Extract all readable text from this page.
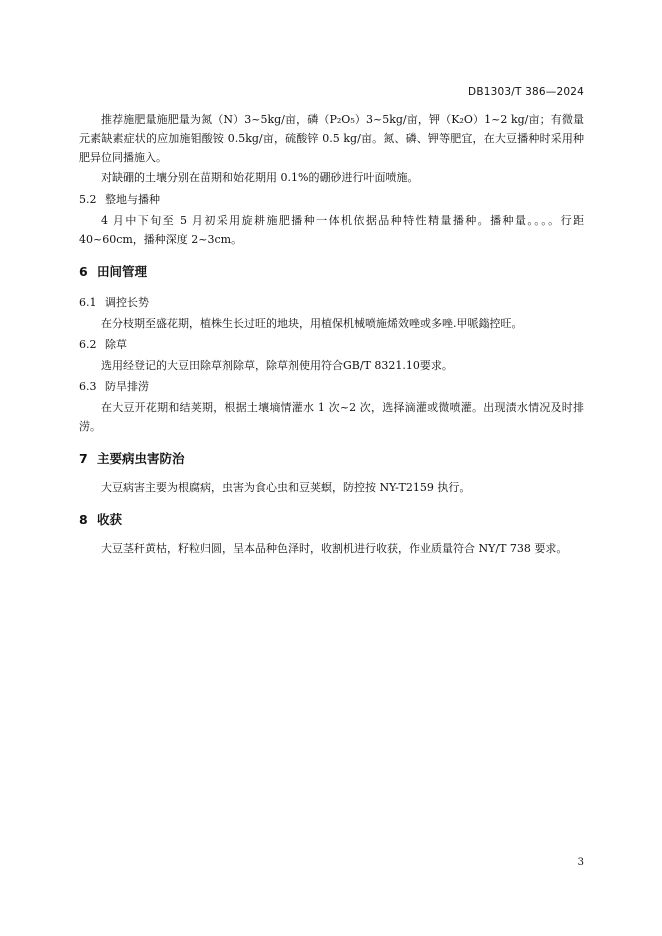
DB1303/T 386—2024

推荐施肥量施肥量为氮（N）3~5kg/亩，磷（P₂O₅）3~5kg/亩，钾（K₂O）1~2 kg/亩；有微量元素缺素症状的应加施钼酸铵 0.5kg/亩，硫酸锌 0.5 kg/亩。氮、磷、钾等肥宜，在大豆播种时采用种肥异位同播施入。

对缺硼的土壤分别在苗期和始花期用 0.1%的硼砂进行叶面喷施。

5.2 整地与播种

4 月中下旬至 5 月初采用旋耕施肥播种一体机依据品种特性精量播种。播种量。。。。行距 40~60cm，播种深度 2~3cm。

6 田间管理

6.1 调控长势

在分枝期至盛花期，植株生长过旺的地块，用植保机械喷施烯效唑或多唑.甲哌鎓控旺。

6.2 除草

选用经登记的大豆田除草剂除草，除草剂使用符合GB/T 8321.10要求。

6.3 防旱排涝

在大豆开花期和结荚期，根据土壤墒情灌水 1 次~2 次，选择滴灌或微喷灌。出现渍水情况及时排涝。

7 主要病虫害防治

大豆病害主要为根腐病，虫害为食心虫和豆荚螟，防控按 NY-T2159 执行。

8 收获

大豆茎秆黄枯，籽粒归圆，呈本品种色泽时，收割机进行收获，作业质量符合 NY/T 738 要求。

3
